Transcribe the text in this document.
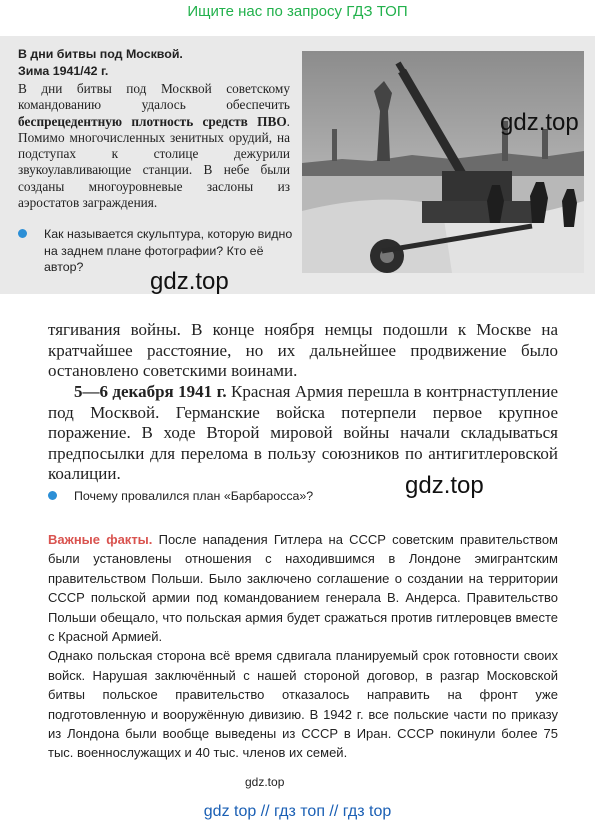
Ищите нас по запросу ГДЗ ТОП
В дни битвы под Москвой.
Зима 1941/42 г.
В дни битвы под Москвой советскому командованию удалось обеспечить беспрецедентную плотность средств ПВО. Помимо многочисленных зенитных орудий, на подступах к столице дежурили звукоулавливающие станции. В небе были созданы многоуровневые заслоны из аэростатов заграждения.
Как называется скульптура, которую видно на заднем плане фотографии? Кто её автор?
gdz.top
gdz.top
тягивания войны. В конце ноября немцы подошли к Москве на кратчайшее расстояние, но их дальнейшее продвижение было остановлено советскими воинами.
5—6 декабря 1941 г. Красная Армия перешла в контрнаступление под Москвой. Германские войска потерпели первое крупное поражение. В ходе Второй мировой войны начали складываться предпосылки для перелома в пользу союзников по антигитлеровской коалиции.
Почему провалился план «Барбаросса»?	gdz.top
Важные факты. После нападения Гитлера на СССР советским правительством были установлены отношения с находившимся в Лондоне эмигрантским правительством Польши. Было заключено соглашение о создании на территории СССР польской армии под командованием генерала В. Андерса. Правительство Польши обещало, что польская армия будет сражаться против гитлеровцев вместе с Красной Армией.
Однако польская сторона всё время сдвигала планируемый срок готовности своих войск. Нарушая заключённый с нашей стороной договор, в разгар Московской битвы польское правительство отказалось направить на фронт уже подготовленную и вооружённую дивизию. В 1942 г. все польские части по приказу из Лондона были вообще выведены из СССР в Иран. СССР покинули более 75 тыс. военнослужащих и 40 тыс. членов их семей.
gdz.top
gdz top // гдз топ // гдз top
